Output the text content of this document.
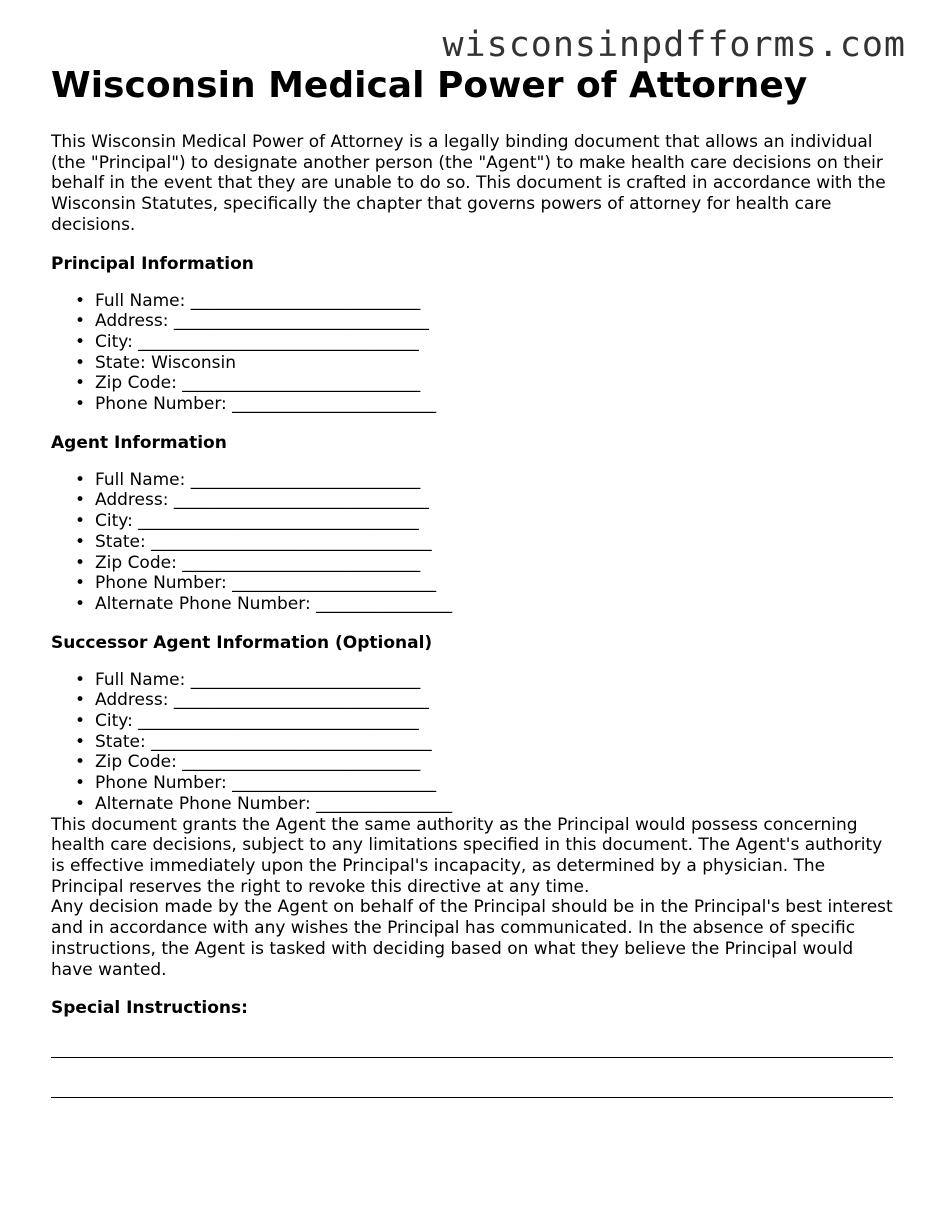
wisconsinpdfforms.com
Wisconsin Medical Power of Attorney

This Wisconsin Medical Power of Attorney is a legally binding document that allows an individual (the "Principal") to designate another person (the "Agent") to make health care decisions on their behalf in the event that they are unable to do so. This document is crafted in accordance with the Wisconsin Statutes, specifically the chapter that governs powers of attorney for health care decisions.

Principal Information
• Full Name: ___________________________
• Address: ______________________________
• City: _________________________________
• State: Wisconsin
• Zip Code: ____________________________
• Phone Number: ________________________
Agent Information
• Full Name: ___________________________
• Address: ______________________________
• City: _________________________________
• State: _________________________________
• Zip Code: ____________________________
• Phone Number: ________________________
• Alternate Phone Number: ________________
Successor Agent Information (Optional)
• Full Name: ___________________________
• Address: ______________________________
• City: _________________________________
• State: _________________________________
• Zip Code: ____________________________
• Phone Number: ________________________
• Alternate Phone Number: ________________

This document grants the Agent the same authority as the Principal would possess concerning health care decisions, subject to any limitations specified in this document. The Agent's authority is effective immediately upon the Principal's incapacity, as determined by a physician. The Principal reserves the right to revoke this directive at any time.

Any decision made by the Agent on behalf of the Principal should be in the Principal's best interest and in accordance with any wishes the Principal has communicated. In the absence of specific instructions, the Agent is tasked with deciding based on what they believe the Principal would have wanted.

Special Instructions:
